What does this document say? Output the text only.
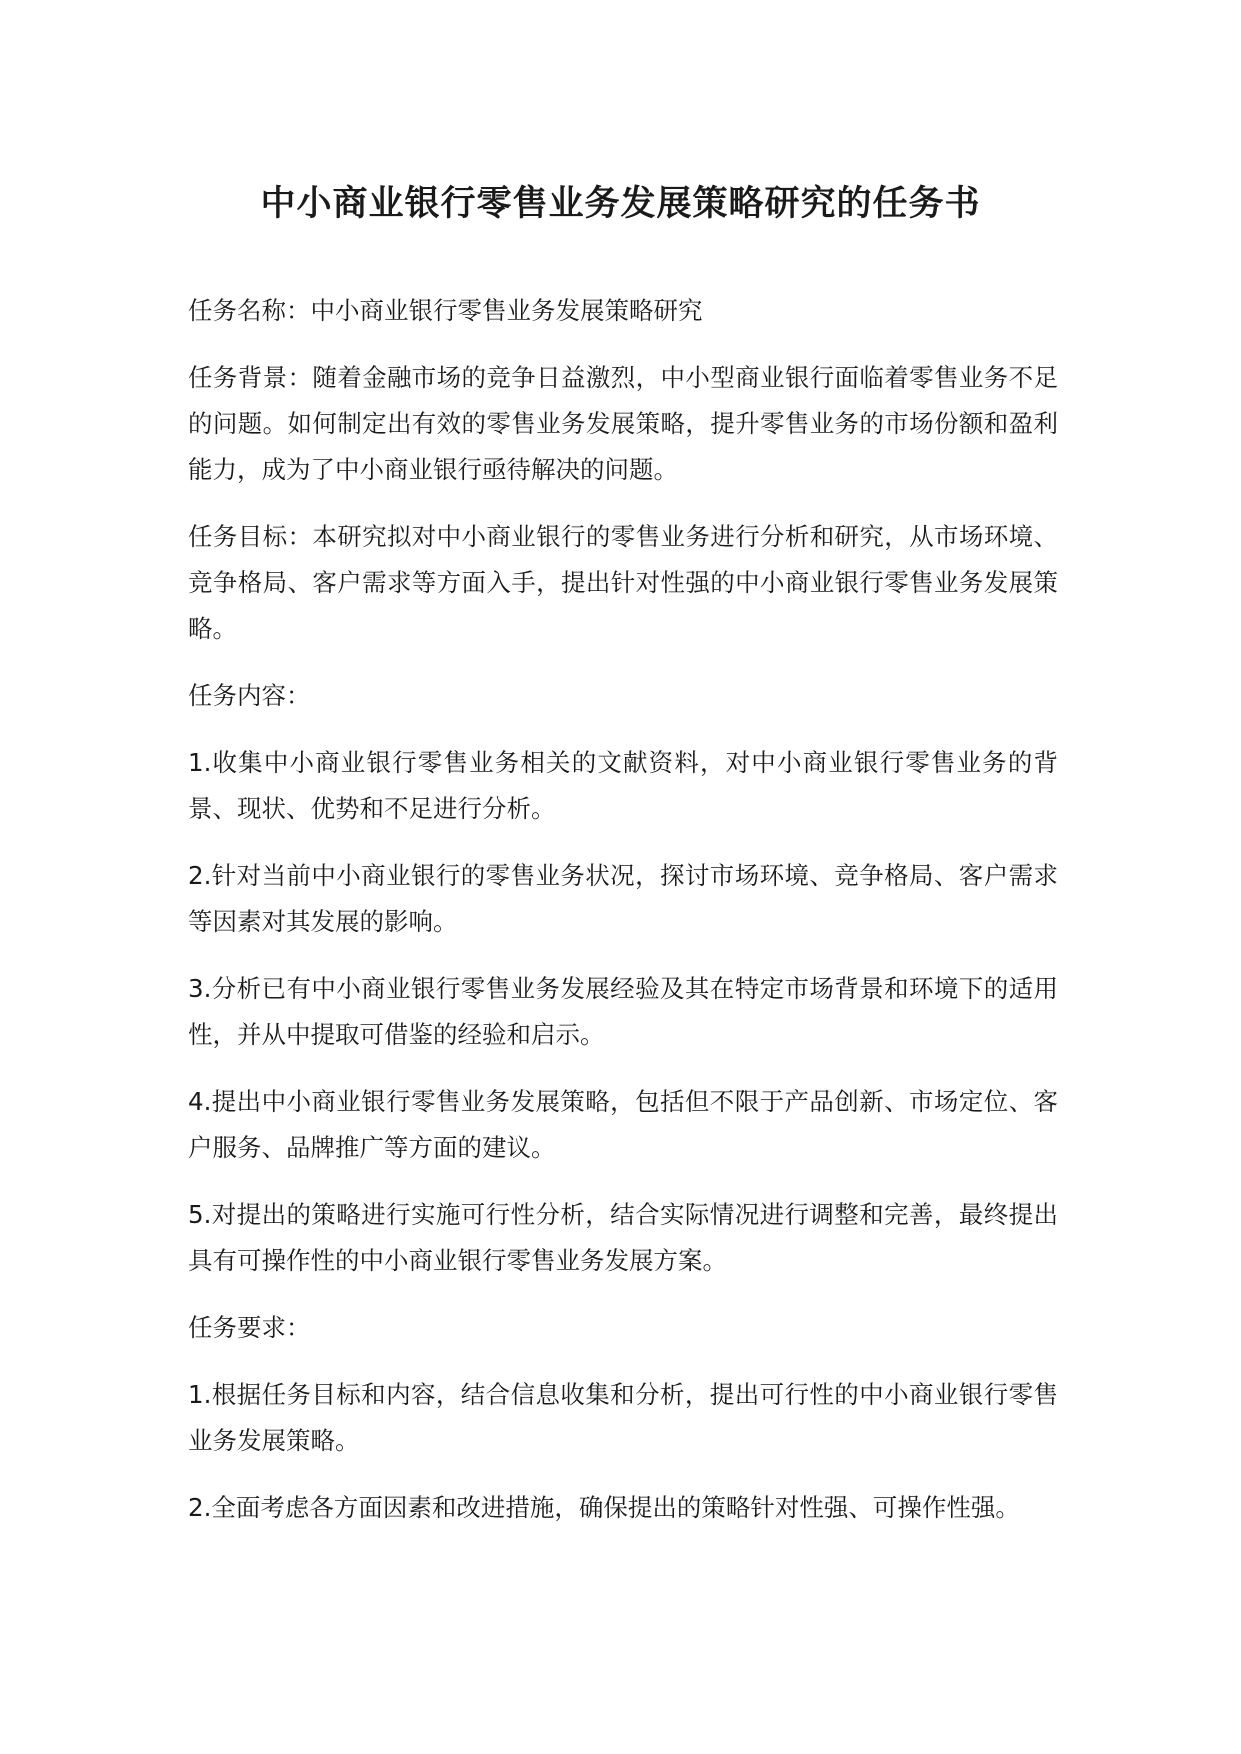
中小商业银行零售业务发展策略研究的任务书

任务名称：中小商业银行零售业务发展策略研究

任务背景：随着金融市场的竞争日益激烈，中小型商业银行面临着零售业务不足的问题。如何制定出有效的零售业务发展策略，提升零售业务的市场份额和盈利能力，成为了中小商业银行亟待解决的问题。

任务目标：本研究拟对中小商业银行的零售业务进行分析和研究，从市场环境、竞争格局、客户需求等方面入手，提出针对性强的中小商业银行零售业务发展策略。

任务内容：

1.收集中小商业银行零售业务相关的文献资料，对中小商业银行零售业务的背景、现状、优势和不足进行分析。

2.针对当前中小商业银行的零售业务状况，探讨市场环境、竞争格局、客户需求等因素对其发展的影响。

3.分析已有中小商业银行零售业务发展经验及其在特定市场背景和环境下的适用性，并从中提取可借鉴的经验和启示。

4.提出中小商业银行零售业务发展策略，包括但不限于产品创新、市场定位、客户服务、品牌推广等方面的建议。

5.对提出的策略进行实施可行性分析，结合实际情况进行调整和完善，最终提出具有可操作性的中小商业银行零售业务发展方案。

任务要求：

1.根据任务目标和内容，结合信息收集和分析，提出可行性的中小商业银行零售业务发展策略。

2.全面考虑各方面因素和改进措施，确保提出的策略针对性强、可操作性强。
